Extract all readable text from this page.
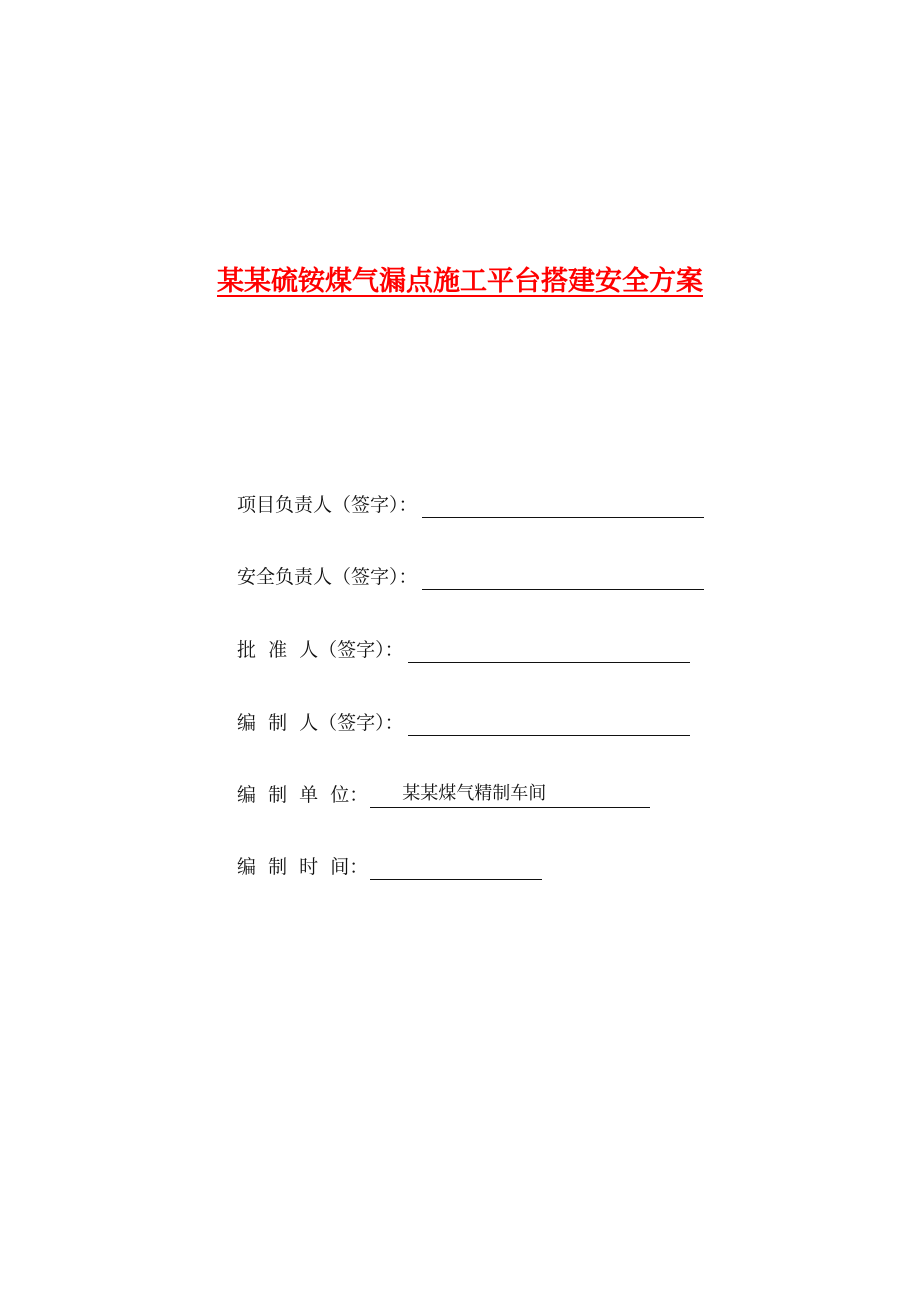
某某硫铵煤气漏点施工平台搭建安全方案
项目负责人（签字）：
安全负责人（签字）：
批  准  人（签字）：
编  制  人（签字）：
编  制  单  位：	某某煤气精制车间
编  制  时  间：
